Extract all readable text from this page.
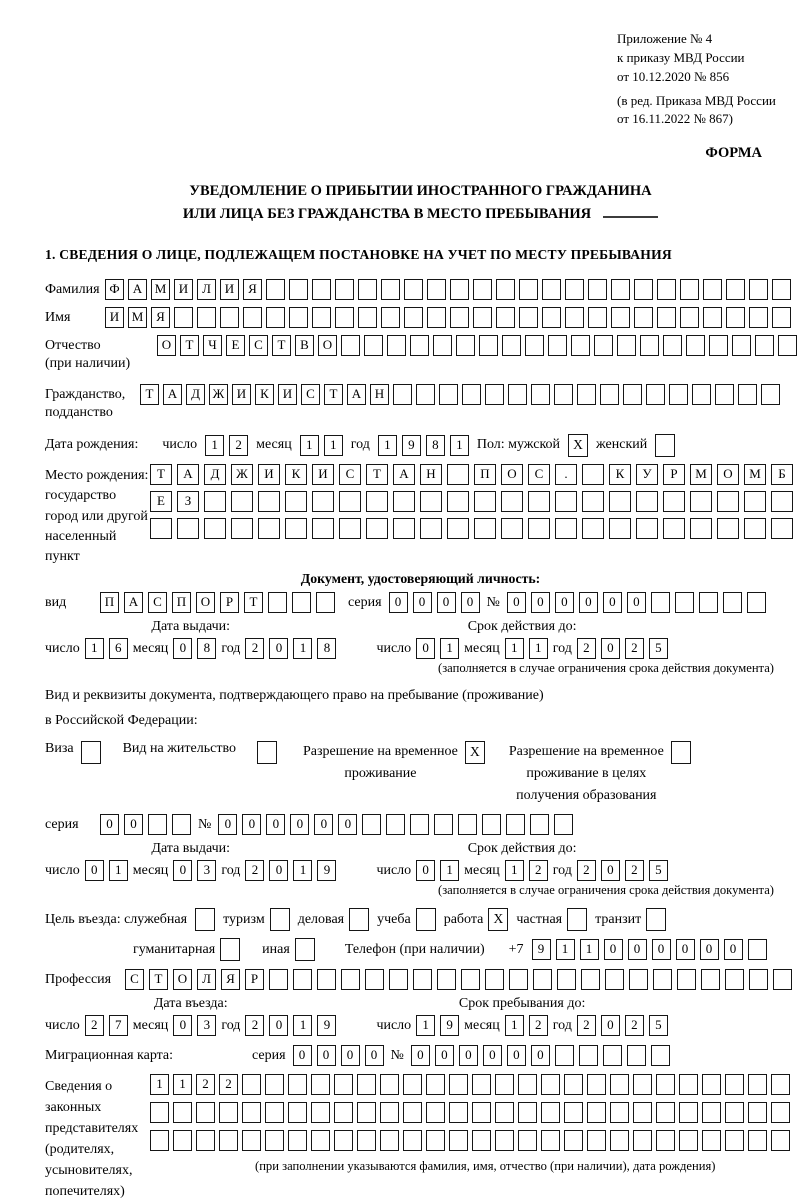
Приложение № 4
к приказу МВД России
от 10.12.2020 № 856
(в ред. Приказа МВД России
от 16.11.2022 № 867)
ФОРМА
УВЕДОМЛЕНИЕ О ПРИБЫТИИ ИНОСТРАННОГО ГРАЖДАНИНА
ИЛИ ЛИЦА БЕЗ ГРАЖДАНСТВА В МЕСТО ПРЕБЫВАНИЯ
1. СВЕДЕНИЯ О ЛИЦЕ, ПОДЛЕЖАЩЕМ ПОСТАНОВКЕ НА УЧЕТ ПО МЕСТУ ПРЕБЫВАНИЯ
Фамилия Ф	А М И	Л	И	Я
Имя	И М Я
Отчество
(при наличии)
О	Т	Ч	Е	С	Т	В	О
Гражданство,
подданство
Т	А	Д Ж И	К	И	С	Т	А	Н
Дата рождения: число	1	2	месяц	1	1	год	1	9	8	1	Пол: мужской X женский
Место рождения:
государство
город или другой
населенный пункт
Т	А	Д	Ж	И	К	И	С	Т	А	Н	П	О	С	.	К	У	Р	М	О	М	Б
Е	З
Документ, удостоверяющий личность:
вид	П	А	С	П	О	Р	Т	серия	0	0	0	0 №	0	0	0	0	0	0
Дата выдачи:
число 1	6 месяц 0	8 год 2	0	1	8
Срок действия до:
число 0	1 месяц 1	1 год 2	0	2	5
(заполняется в случае ограничения срока действия документа)
Вид и реквизиты документа, подтверждающего право на пребывание (проживание)
в Российской Федерации:
Виза	Вид на жительство	Разрешение на временное
проживание
X	Разрешение на временное
проживание в целях
получения образования
серия	0	0	№	0	0	0	0	0	0
Дата выдачи:
число 0	1 месяц 0	3 год 2	0	1	9
Срок действия до:
число 0	1 месяц 1	2 год 2	0	2	5
(заполняется в случае ограничения срока действия документа)
Цель въезда: служебная	туризм деловая учеба работа X частная транзит
гуманитарная	иная	Телефон (при наличии) +7	9	1	1	0	0	0	0	0	0
Профессия	С	Т	О	Л	Я	Р
Дата въезда:
число 2	7 месяц 0	3 год 2	0	1	9
Срок пребывания до:
число 1	9 месяц 1	2 год 2	0	2	5
Миграционная карта:	серия	0	0	0	0 №	0	0	0	0	0	0
Сведения о
законных
представителях
(родителях,
усыновителях,
попечителях)
1	1	2	2
(при заполнении указываются фамилия, имя, отчество (при наличии), дата рождения)
